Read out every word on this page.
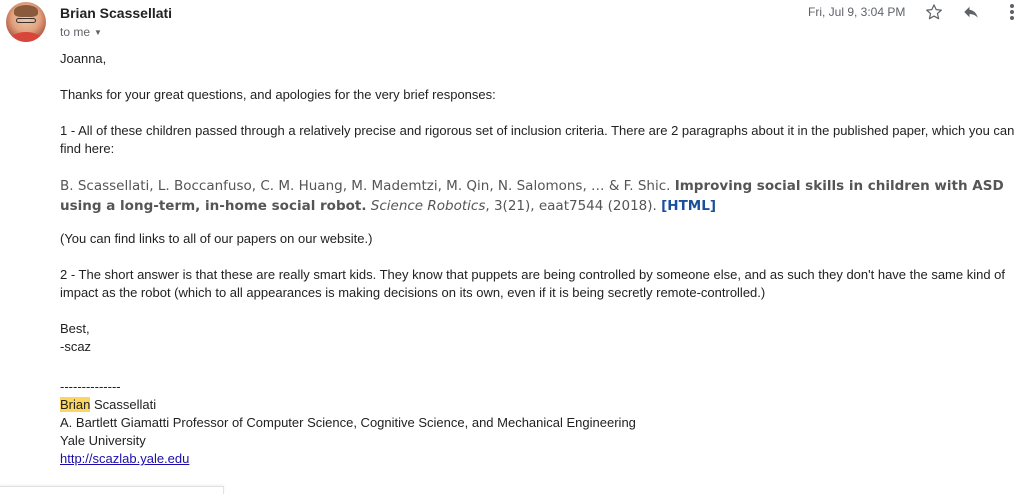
Brian Scassellati
to me ▼
Fri, Jul 9, 3:04 PM

Joanna,

Thanks for your great questions, and apologies for the very brief responses:

1 - All of these children passed through a relatively precise and rigorous set of inclusion criteria. There are 2 paragraphs about it in the published paper, which you can find here:

B. Scassellati, L. Boccanfuso, C. M. Huang, M. Mademtzi, M. Qin, N. Salomons, … & F. Shic. Improving social skills in children with ASD using a long-term, in-home social robot. Science Robotics, 3(21), eaat7544 (2018). [HTML]

(You can find links to all of our papers on our website.)

2 - The short answer is that these are really smart kids. They know that puppets are being controlled by someone else, and as such they don't have the same kind of impact as the robot (which to all appearances is making decisions on its own, even if it is being secretly remote-controlled.)

Best,
-scaz
--------------
Brian Scassellati
A. Bartlett Giamatti Professor of Computer Science, Cognitive Science, and Mechanical Engineering
Yale University
http://scazlab.yale.edu
